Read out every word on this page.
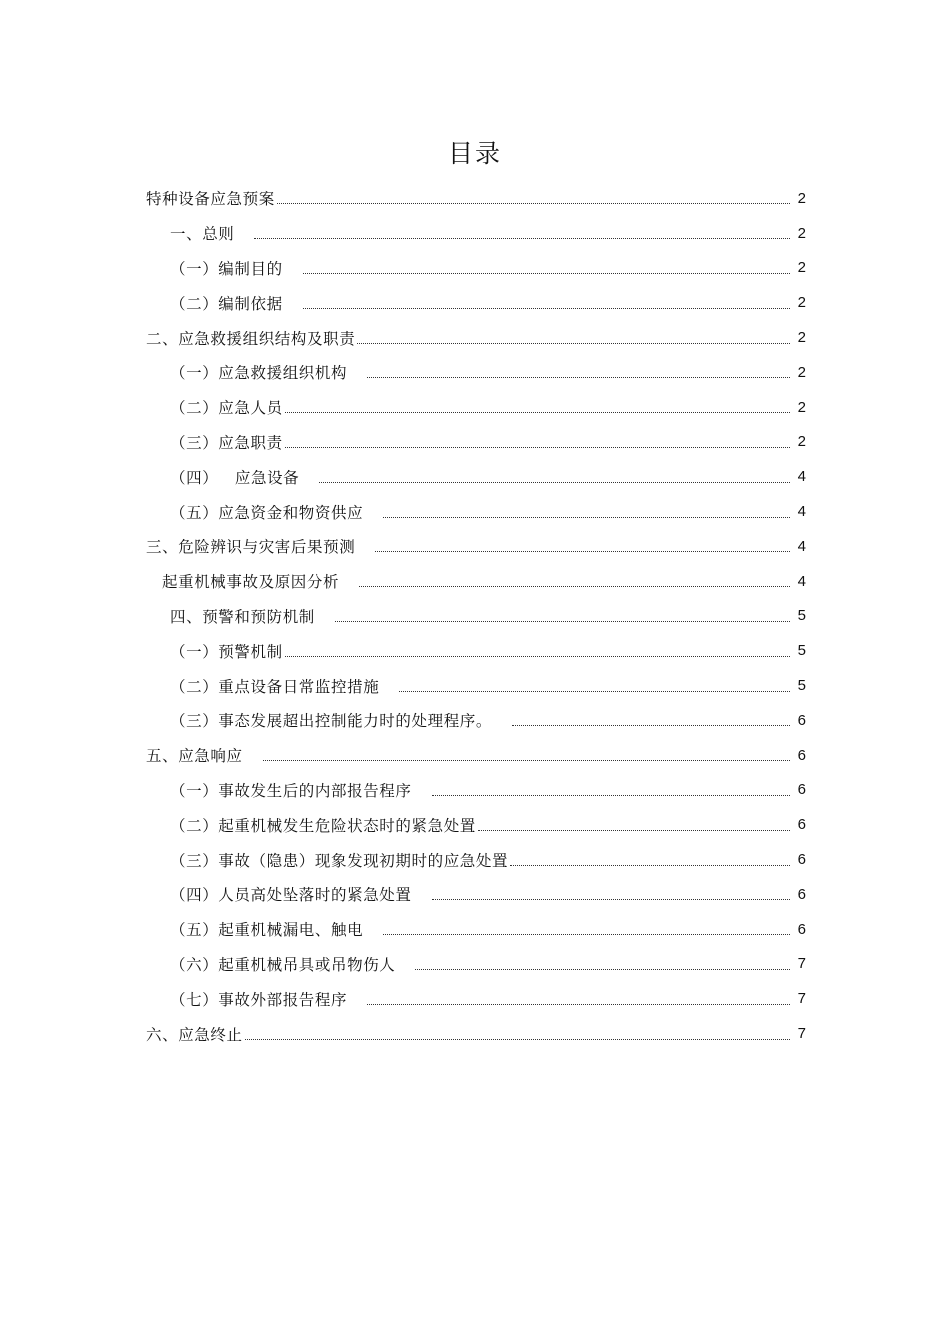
目录
特种设备应急预案	2
一、总则	2
（一）编制目的	2
（二）编制依据	2
二、应急救援组织结构及职责	2
（一）应急救援组织机构	2
（二）应急人员	2
（三）应急职责	2
（四）   应急设备	4
（五）应急资金和物资供应	4
三、危险辨识与灾害后果预测	4
起重机械事故及原因分析	4
四、预警和预防机制	5
（一）预警机制	5
（二）重点设备日常监控措施	5
（三）事态发展超出控制能力时的处理程序。	6
五、应急响应	6
（一）事故发生后的内部报告程序	6
（二）起重机械发生危险状态时的紧急处置	6
（三）事故（隐患）现象发现初期时的应急处置	6
（四）人员高处坠落时的紧急处置	6
（五）起重机械漏电、触电	6
（六）起重机械吊具或吊物伤人	7
（七）事故外部报告程序	7
六、应急终止	7
